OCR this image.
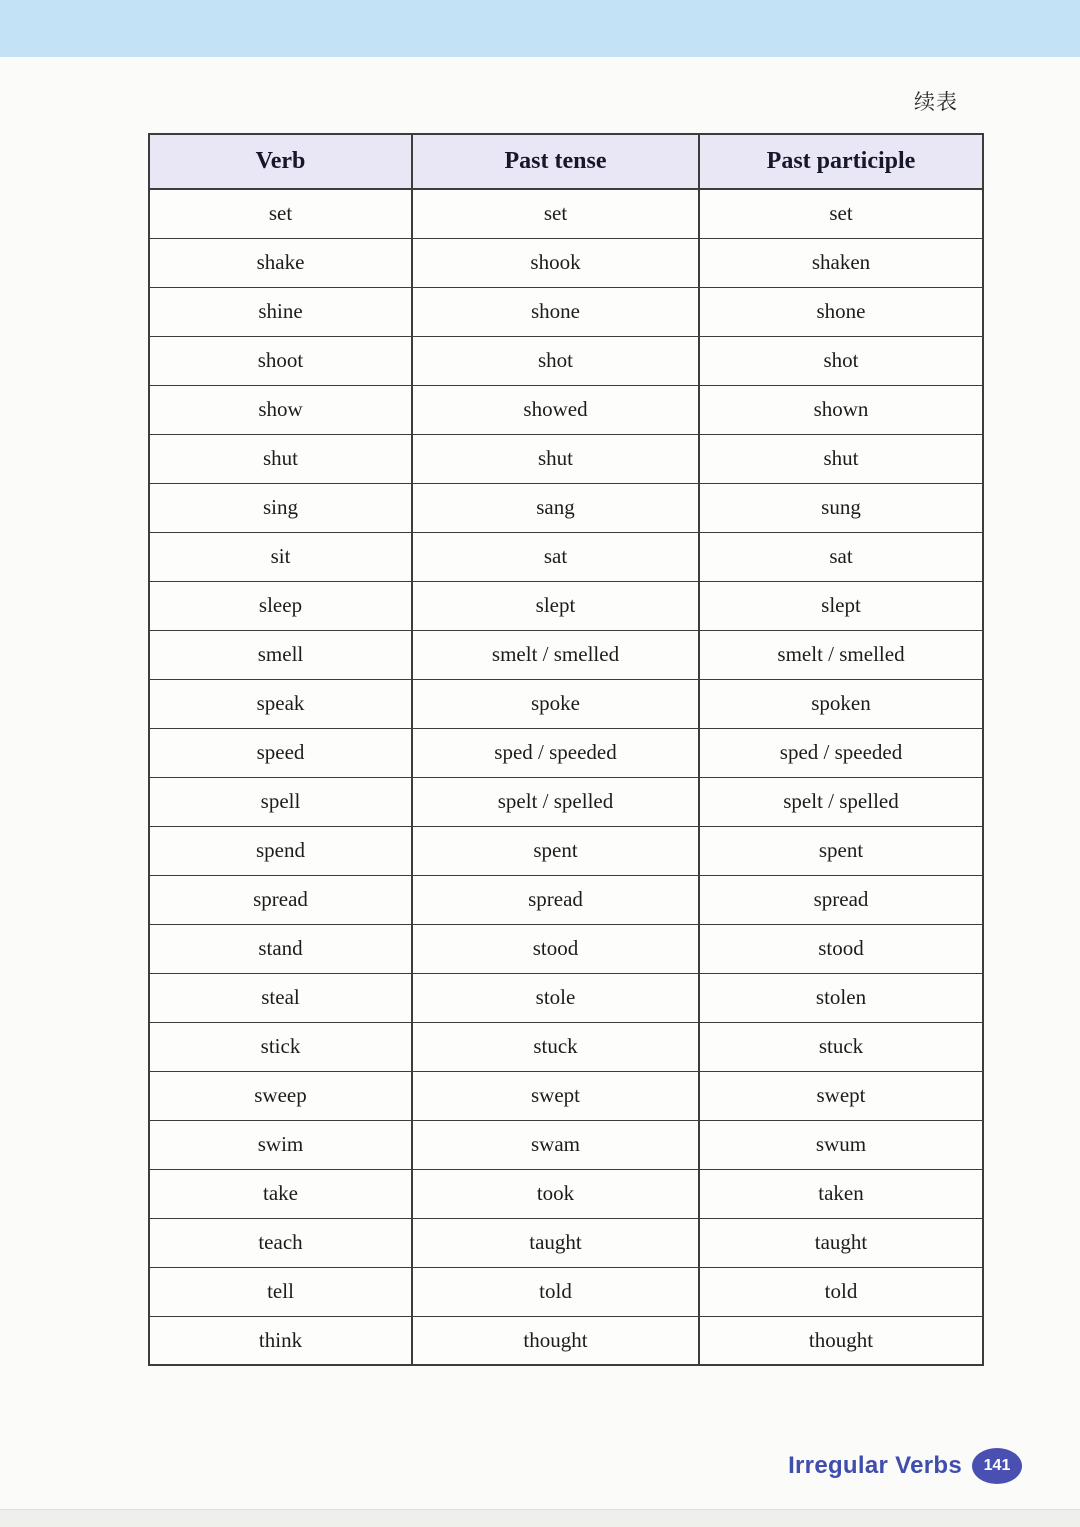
续表
Verb	Past tense	Past participle
set	set	set
shake	shook	shaken
shine	shone	shone
shoot	shot	shot
show	showed	shown
shut	shut	shut
sing	sang	sung
sit	sat	sat
sleep	slept	slept
smell	smelt / smelled	smelt / smelled
speak	spoke	spoken
speed	sped / speeded	sped / speeded
spell	spelt / spelled	spelt / spelled
spend	spent	spent
spread	spread	spread
stand	stood	stood
steal	stole	stolen
stick	stuck	stuck
sweep	swept	swept
swim	swam	swum
take	took	taken
teach	taught	taught
tell	told	told
think	thought	thought
Irregular Verbs	141
